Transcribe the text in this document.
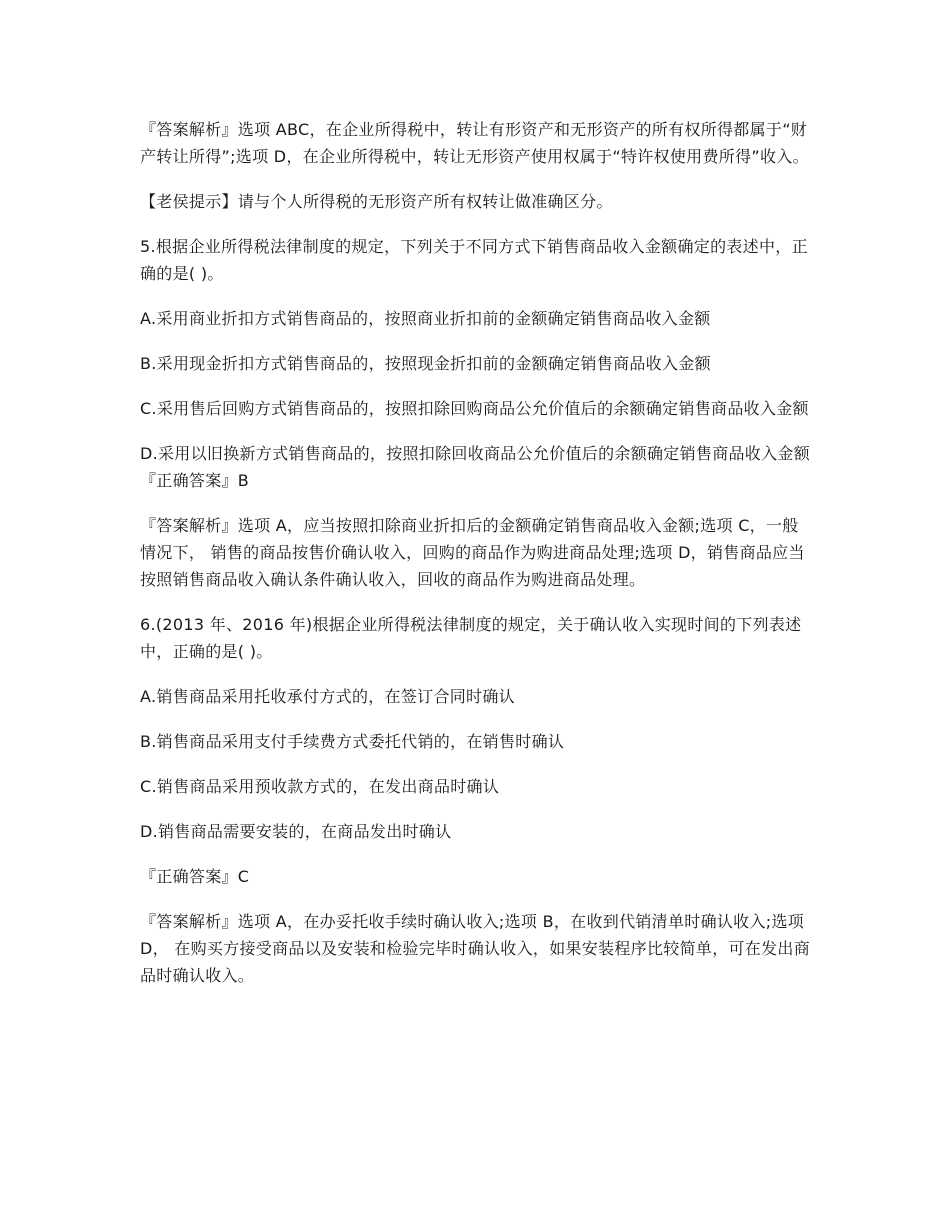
『答案解析』选项 ABC，在企业所得税中，转让有形资产和无形资产的所有权所得都属于“财产转让所得”;选项 D，在企业所得税中，转让无形资产使用权属于“特许权使用费所得”收入。

【老侯提示】请与个人所得税的无形资产所有权转让做准确区分。

5.根据企业所得税法律制度的规定，下列关于不同方式下销售商品收入金额确定的表述中，正确的是( )。

A.采用商业折扣方式销售商品的，按照商业折扣前的金额确定销售商品收入金额

B.采用现金折扣方式销售商品的，按照现金折扣前的金额确定销售商品收入金额

C.采用售后回购方式销售商品的，按照扣除回购商品公允价值后的余额确定销售商品收入金额

D.采用以旧换新方式销售商品的，按照扣除回收商品公允价值后的余额确定销售商品收入金额 『正确答案』B

『答案解析』选项 A，应当按照扣除商业折扣后的金额确定销售商品收入金额;选项 C，一般情况下， 销售的商品按售价确认收入，回购的商品作为购进商品处理;选项 D，销售商品应当按照销售商品收入确认条件确认收入，回收的商品作为购进商品处理。

6.(2013 年、2016 年)根据企业所得税法律制度的规定，关于确认收入实现时间的下列表述中，正确的是( )。

A.销售商品采用托收承付方式的，在签订合同时确认

B.销售商品采用支付手续费方式委托代销的，在销售时确认

C.销售商品采用预收款方式的，在发出商品时确认

D.销售商品需要安装的，在商品发出时确认

『正确答案』C

『答案解析』选项 A，在办妥托收手续时确认收入;选项 B，在收到代销清单时确认收入;选项 D， 在购买方接受商品以及安装和检验完毕时确认收入，如果安装程序比较简单，可在发出商品时确认收入。
